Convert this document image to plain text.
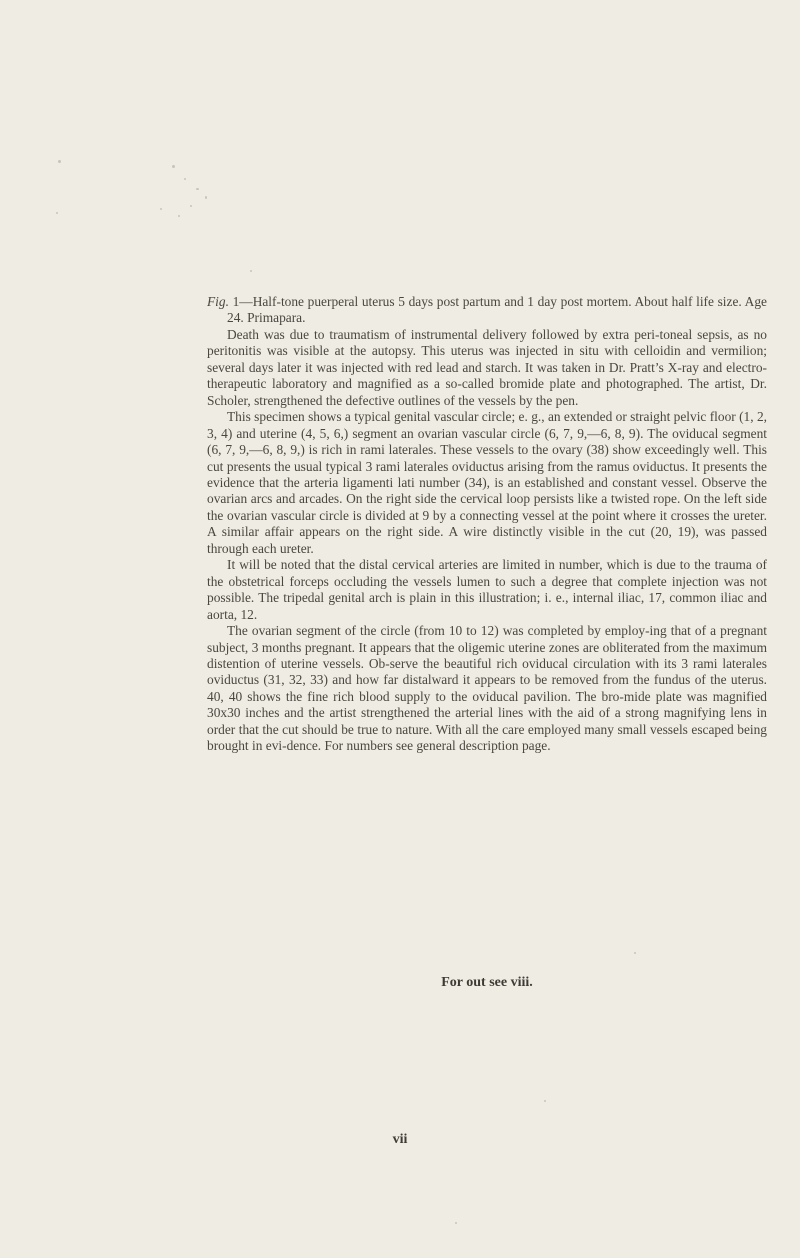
Fig. 1—Half-tone puerperal uterus 5 days post partum and 1 day post mortem. About half life size. Age 24. Primapara.

Death was due to traumatism of instrumental delivery followed by extra peri-toneal sepsis, as no peritonitis was visible at the autopsy. This uterus was injected in situ with celloidin and vermilion; several days later it was injected with red lead and starch. It was taken in Dr. Pratt’s X-ray and electro-therapeutic laboratory and magnified as a so-called bromide plate and photographed. The artist, Dr. Scholer, strengthened the defective outlines of the vessels by the pen.

This specimen shows a typical genital vascular circle; e. g., an extended or straight pelvic floor (1, 2, 3, 4) and uterine (4, 5, 6,) segment an ovarian vascular circle (6, 7, 9,—6, 8, 9). The oviducal segment (6, 7, 9,—6, 8, 9,) is rich in rami laterales. These vessels to the ovary (38) show exceedingly well. This cut presents the usual typical 3 rami laterales oviductus arising from the ramus oviductus. It presents the evidence that the arteria ligamenti lati number (34), is an established and constant vessel. Observe the ovarian arcs and arcades. On the right side the cervical loop persists like a twisted rope. On the left side the ovarian vascular circle is divided at 9 by a connecting vessel at the point where it crosses the ureter. A similar affair appears on the right side. A wire distinctly visible in the cut (20, 19), was passed through each ureter.

It will be noted that the distal cervical arteries are limited in number, which is due to the trauma of the obstetrical forceps occluding the vessels lumen to such a degree that complete injection was not possible. The tripedal genital arch is plain in this illustration; i. e., internal iliac, 17, common iliac and aorta, 12.

The ovarian segment of the circle (from 10 to 12) was completed by employ-ing that of a pregnant subject, 3 months pregnant. It appears that the oligemic uterine zones are obliterated from the maximum distention of uterine vessels. Ob-serve the beautiful rich oviducal circulation with its 3 rami laterales oviductus (31, 32, 33) and how far distalward it appears to be removed from the fundus of the uterus. 40, 40 shows the fine rich blood supply to the oviducal pavilion. The bro-mide plate was magnified 30x30 inches and the artist strengthened the arterial lines with the aid of a strong magnifying lens in order that the cut should be true to nature. With all the care employed many small vessels escaped being brought in evi-dence. For numbers see general description page.

For out see viii.
vii
